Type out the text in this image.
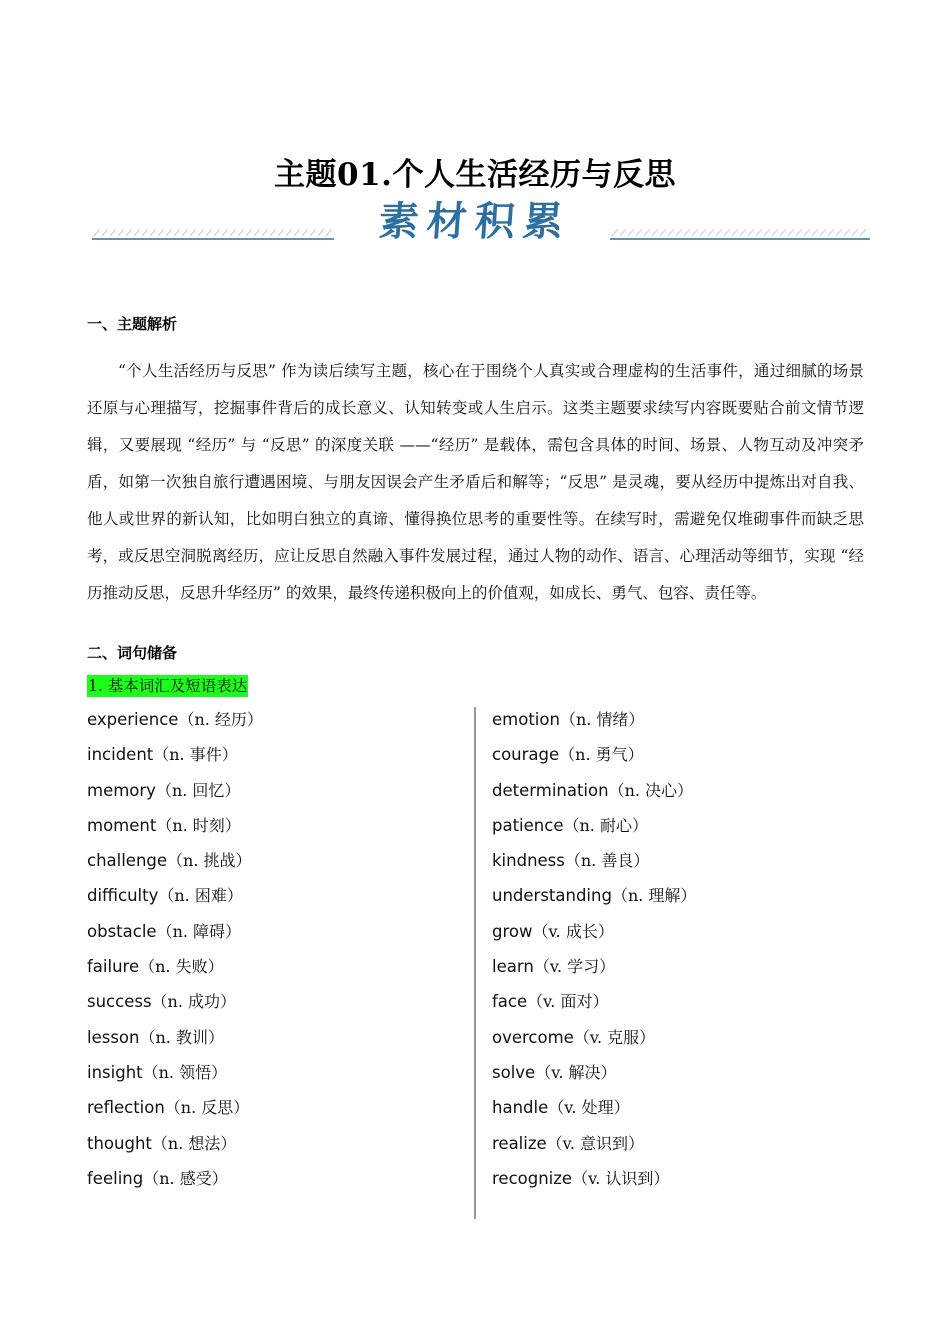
主题01.个人生活经历与反思
素材积累
一、主题解析

“个人生活经历与反思” 作为读后续写主题，核心在于围绕个人真实或合理虚构的生活事件，通过细腻的场景还原与心理描写，挖掘事件背后的成长意义、认知转变或人生启示。这类主题要求续写内容既要贴合前文情节逻辑，又要展现 “经历” 与 “反思” 的深度关联 ——“经历” 是载体，需包含具体的时间、场景、人物互动及冲突矛盾，如第一次独自旅行遭遇困境、与朋友因误会产生矛盾后和解等；“反思” 是灵魂，要从经历中提炼出对自我、他人或世界的新认知，比如明白独立的真谛、懂得换位思考的重要性等。在续写时，需避免仅堆砌事件而缺乏思考，或反思空洞脱离经历，应让反思自然融入事件发展过程，通过人物的动作、语言、心理活动等细节，实现 “经历推动反思，反思升华经历” 的效果，最终传递积极向上的价值观，如成长、勇气、包容、责任等。

二、词句储备
1. 基本词汇及短语表达
experience（n. 经历）
incident（n. 事件）
memory（n. 回忆）
moment（n. 时刻）
challenge（n. 挑战）
difficulty（n. 困难）
obstacle（n. 障碍）
failure（n. 失败）
success（n. 成功）
lesson（n. 教训）
insight（n. 领悟）
reflection（n. 反思）
thought（n. 想法）
feeling（n. 感受）
emotion（n. 情绪）
courage（n. 勇气）
determination（n. 决心）
patience（n. 耐心）
kindness（n. 善良）
understanding（n. 理解）
grow（v. 成长）
learn（v. 学习）
face（v. 面对）
overcome（v. 克服）
solve（v. 解决）
handle（v. 处理）
realize（v. 意识到）
recognize（v. 认识到）
